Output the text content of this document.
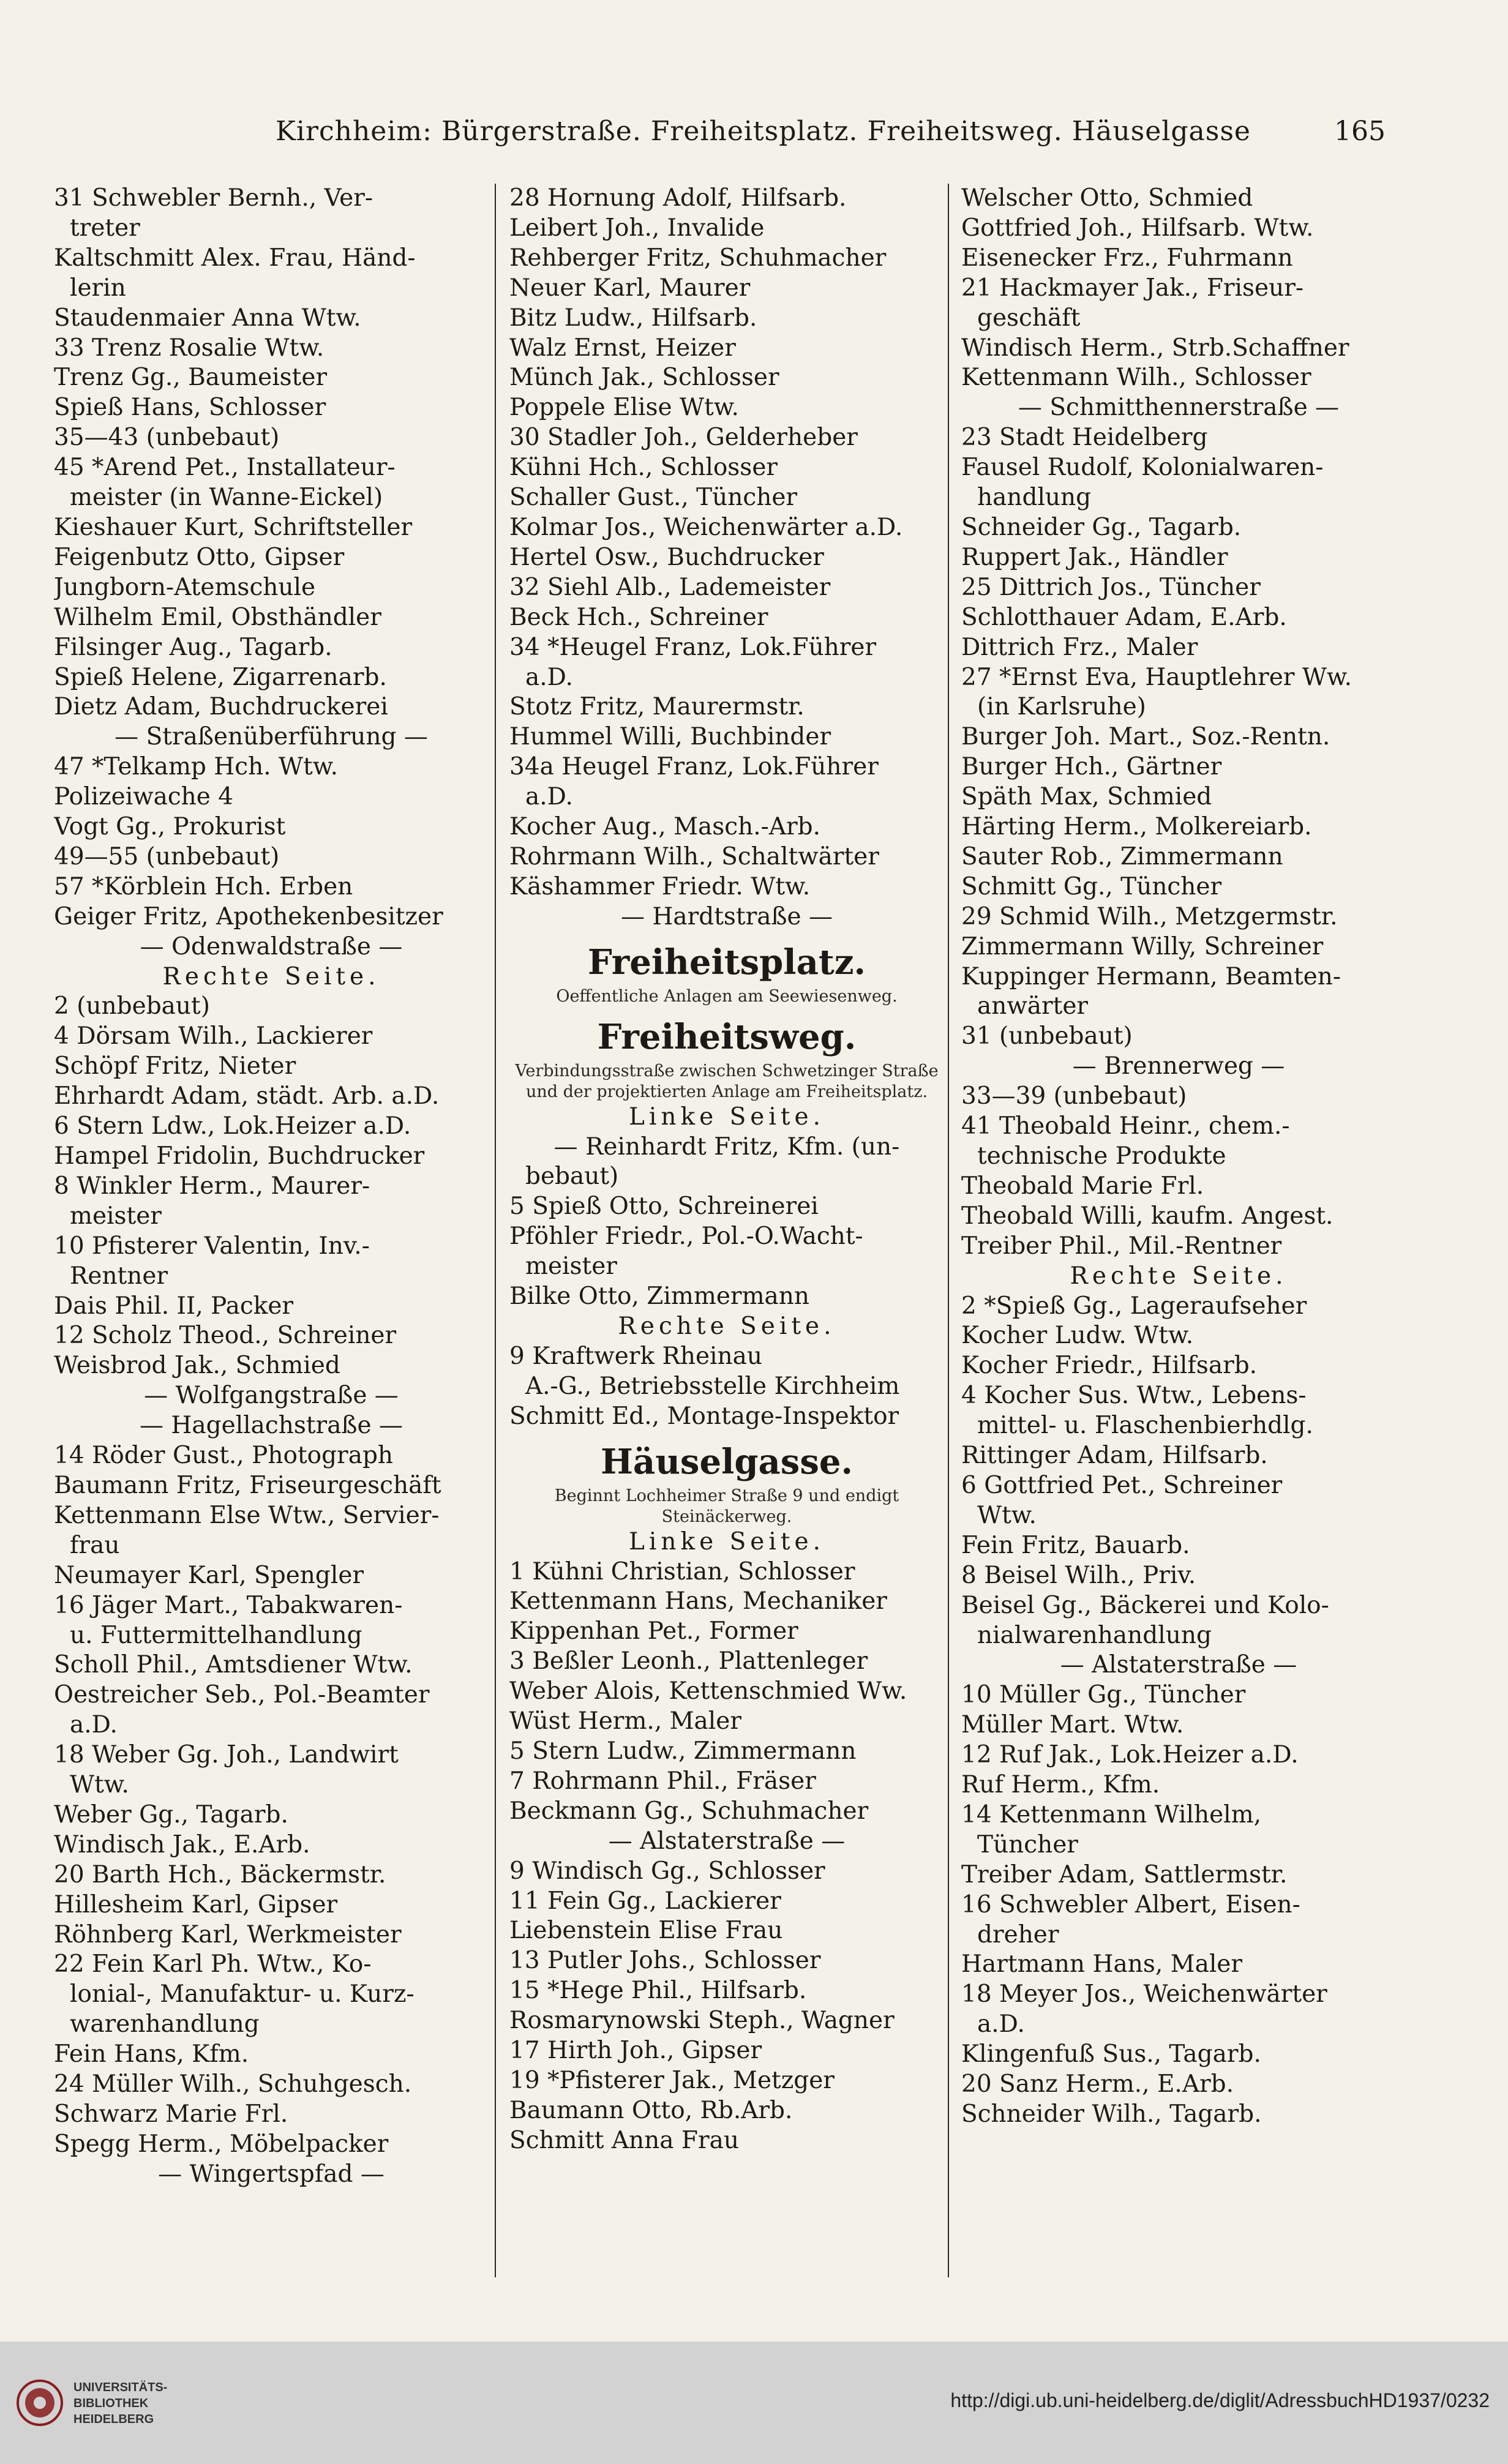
Kirchheim: Bürgerstraße. Freiheitsplatz. Freiheitsweg. Häuselgasse	165
31 Schwebler Bernh., Ver-
treter
Kaltschmitt Alex. Frau, Händ-
lerin
Staudenmaier Anna Wtw.
33 Trenz Rosalie Wtw.
Trenz Gg., Baumeister
Spieß Hans, Schlosser
35—43 (unbebaut)
45 *Arend Pet., Installateur-
meister (in Wanne-Eickel)
Kieshauer Kurt, Schriftsteller
Feigenbutz Otto, Gipser
Jungborn-Atemschule
Wilhelm Emil, Obsthändler
Filsinger Aug., Tagarb.
Spieß Helene, Zigarrenarb.
Dietz Adam, Buchdruckerei
— Straßenüberführung —
47 *Telkamp Hch. Wtw.
Polizeiwache 4
Vogt Gg., Prokurist
49—55 (unbebaut)
57 *Körblein Hch. Erben
Geiger Fritz, Apothekenbesitzer
— Odenwaldstraße —
Rechte Seite.
2 (unbebaut)
4 Dörsam Wilh., Lackierer
Schöpf Fritz, Nieter
Ehrhardt Adam, städt. Arb. a.D.
6 Stern Ldw., Lok.Heizer a.D.
Hampel Fridolin, Buchdrucker
8 Winkler Herm., Maurer-
meister
10 Pfisterer Valentin, Inv.-
Rentner
Dais Phil. II, Packer
12 Scholz Theod., Schreiner
Weisbrod Jak., Schmied
— Wolfgangstraße —
— Hagellachstraße —
14 Röder Gust., Photograph
Baumann Fritz, Friseurgeschäft
Kettenmann Else Wtw., Servier-
frau
Neumayer Karl, Spengler
16 Jäger Mart., Tabakwaren-
u. Futtermittelhandlung
Scholl Phil., Amtsdiener Wtw.
Oestreicher Seb., Pol.-Beamter
a.D.
18 Weber Gg. Joh., Landwirt
Wtw.
Weber Gg., Tagarb.
Windisch Jak., E.Arb.
20 Barth Hch., Bäckermstr.
Hillesheim Karl, Gipser
Röhnberg Karl, Werkmeister
22 Fein Karl Ph. Wtw., Ko-
lonial-, Manufaktur- u. Kurz-
warenhandlung
Fein Hans, Kfm.
24 Müller Wilh., Schuhgesch.
Schwarz Marie Frl.
Spegg Herm., Möbelpacker
— Wingertspfad —
28 Hornung Adolf, Hilfsarb.
Leibert Joh., Invalide
Rehberger Fritz, Schuhmacher
Neuer Karl, Maurer
Bitz Ludw., Hilfsarb.
Walz Ernst, Heizer
Münch Jak., Schlosser
Poppele Elise Wtw.
30 Stadler Joh., Gelderheber
Kühni Hch., Schlosser
Schaller Gust., Tüncher
Kolmar Jos., Weichenwärter a.D.
Hertel Osw., Buchdrucker
32 Siehl Alb., Lademeister
Beck Hch., Schreiner
34 *Heugel Franz, Lok.Führer
a.D.
Stotz Fritz, Maurermstr.
Hummel Willi, Buchbinder
34a Heugel Franz, Lok.Führer
a.D.
Kocher Aug., Masch.-Arb.
Rohrmann Wilh., Schaltwärter
Käshammer Friedr. Wtw.
— Hardtstraße —
Freiheitsplatz.
Oeffentliche Anlagen am Seewiesenweg.
Freiheitsweg.
Verbindungsstraße zwischen Schwetzinger Straße und der projektierten Anlage am Freiheitsplatz.
Linke Seite.
— Reinhardt Fritz, Kfm. (un-
bebaut)
5 Spieß Otto, Schreinerei
Pföhler Friedr., Pol.-O.Wacht-
meister
Bilke Otto, Zimmermann
Rechte Seite.
9 Kraftwerk Rheinau
A.-G., Betriebsstelle Kirchheim
Schmitt Ed., Montage-Inspektor
Häuselgasse.
Beginnt Lochheimer Straße 9 und endigt Steinäckerweg.
Linke Seite.
1 Kühni Christian, Schlosser
Kettenmann Hans, Mechaniker
Kippenhan Pet., Former
3 Beßler Leonh., Plattenleger
Weber Alois, Kettenschmied Ww.
Wüst Herm., Maler
5 Stern Ludw., Zimmermann
7 Rohrmann Phil., Fräser
Beckmann Gg., Schuhmacher
— Alstaterstraße —
9 Windisch Gg., Schlosser
11 Fein Gg., Lackierer
Liebenstein Elise Frau
13 Putler Johs., Schlosser
15 *Hege Phil., Hilfsarb.
Rosmarynowski Steph., Wagner
17 Hirth Joh., Gipser
19 *Pfisterer Jak., Metzger
Baumann Otto, Rb.Arb.
Schmitt Anna Frau
Welscher Otto, Schmied
Gottfried Joh., Hilfsarb. Wtw.
Eisenecker Frz., Fuhrmann
21 Hackmayer Jak., Friseur-
geschäft
Windisch Herm., Strb.Schaffner
Kettenmann Wilh., Schlosser
— Schmitthennerstraße —
23 Stadt Heidelberg
Fausel Rudolf, Kolonialwaren-
handlung
Schneider Gg., Tagarb.
Ruppert Jak., Händler
25 Dittrich Jos., Tüncher
Schlotthauer Adam, E.Arb.
Dittrich Frz., Maler
27 *Ernst Eva, Hauptlehrer Ww.
(in Karlsruhe)
Burger Joh. Mart., Soz.-Rentn.
Burger Hch., Gärtner
Späth Max, Schmied
Härting Herm., Molkereiarb.
Sauter Rob., Zimmermann
Schmitt Gg., Tüncher
29 Schmid Wilh., Metzgermstr.
Zimmermann Willy, Schreiner
Kuppinger Hermann, Beamten-
anwärter
31 (unbebaut)
— Brennerweg —
33—39 (unbebaut)
41 Theobald Heinr., chem.-
technische Produkte
Theobald Marie Frl.
Theobald Willi, kaufm. Angest.
Treiber Phil., Mil.-Rentner
Rechte Seite.
2 *Spieß Gg., Lageraufseher
Kocher Ludw. Wtw.
Kocher Friedr., Hilfsarb.
4 Kocher Sus. Wtw., Lebens-
mittel- u. Flaschenbierhdlg.
Rittinger Adam, Hilfsarb.
6 Gottfried Pet., Schreiner
Wtw.
Fein Fritz, Bauarb.
8 Beisel Wilh., Priv.
Beisel Gg., Bäckerei und Kolo-
nialwarenhandlung
— Alstaterstraße —
10 Müller Gg., Tüncher
Müller Mart. Wtw.
12 Ruf Jak., Lok.Heizer a.D.
Ruf Herm., Kfm.
14 Kettenmann Wilhelm,
Tüncher
Treiber Adam, Sattlermstr.
16 Schwebler Albert, Eisen-
dreher
Hartmann Hans, Maler
18 Meyer Jos., Weichenwärter
a.D.
Klingenfuß Sus., Tagarb.
20 Sanz Herm., E.Arb.
Schneider Wilh., Tagarb.
UNIVERSITÄTS-
BIBLIOTHEK
HEIDELBERG
http://digi.ub.uni-heidelberg.de/diglit/AdressbuchHD1937/0232
